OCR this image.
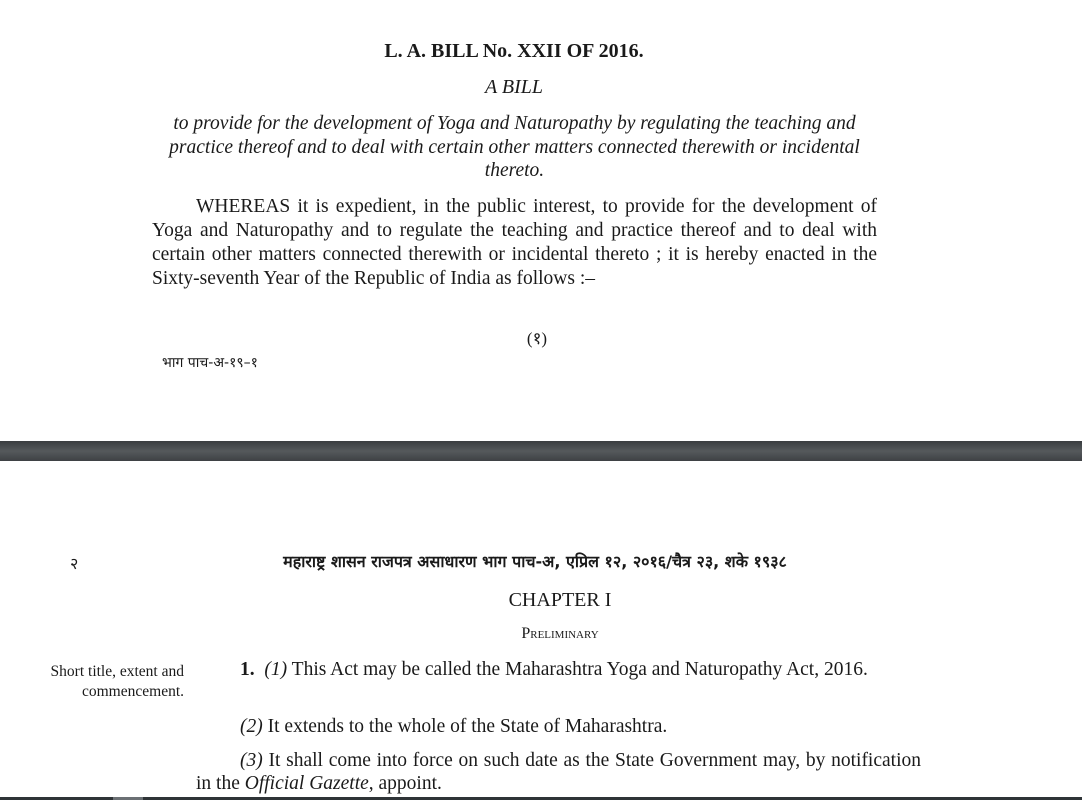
L. A. BILL No. XXII OF 2016.
A BILL
to provide for the development of Yoga and Naturopathy by regulating the teaching and practice thereof and to deal with certain other matters connected therewith or incidental thereto.
WHEREAS it is expedient, in the public interest, to provide for the development of Yoga and Naturopathy and to regulate the teaching and practice thereof and to deal with certain other matters connected therewith or incidental thereto ; it is hereby enacted in the Sixty-seventh Year of the Republic of India as follows :–
(१)
भाग पाच-अ-१९–१
२	महाराष्ट्र शासन राजपत्र असाधारण भाग पाच-अ, एप्रिल १२, २०१६/चैत्र २३, शके १९३८
CHAPTER I
Preliminary
Short title, extent and commencement.
1. (1) This Act may be called the Maharashtra Yoga and Naturopathy Act, 2016.
(2) It extends to the whole of the State of Maharashtra.
(3) It shall come into force on such date as the State Government may, by notification in the Official Gazette, appoint.
